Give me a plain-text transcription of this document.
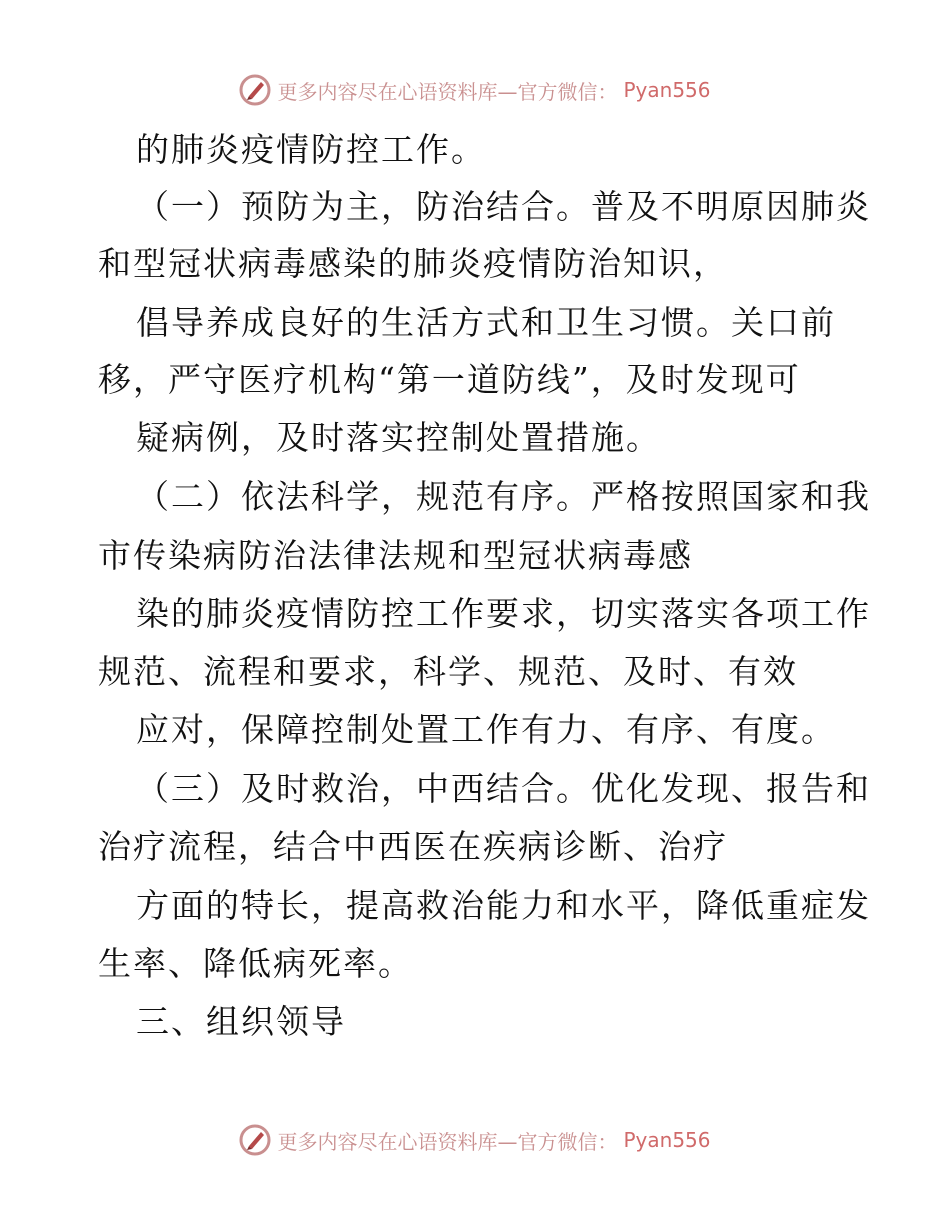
更多内容尽在心语资料库—官方微信： Pyan556
的肺炎疫情防控工作。
（一）预防为主，防治结合。普及不明原因肺炎
和型冠状病毒感染的肺炎疫情防治知识，
倡导养成良好的生活方式和卫生习惯。关口前
移，严守医疗机构“第一道防线”，及时发现可
疑病例，及时落实控制处置措施。
（二）依法科学，规范有序。严格按照国家和我
市传染病防治法律法规和型冠状病毒感
染的肺炎疫情防控工作要求，切实落实各项工作
规范、流程和要求，科学、规范、及时、有效
应对，保障控制处置工作有力、有序、有度。
（三）及时救治，中西结合。优化发现、报告和
治疗流程，结合中西医在疾病诊断、治疗
方面的特长，提高救治能力和水平，降低重症发
生率、降低病死率。
三、组织领导
更多内容尽在心语资料库—官方微信： Pyan556
